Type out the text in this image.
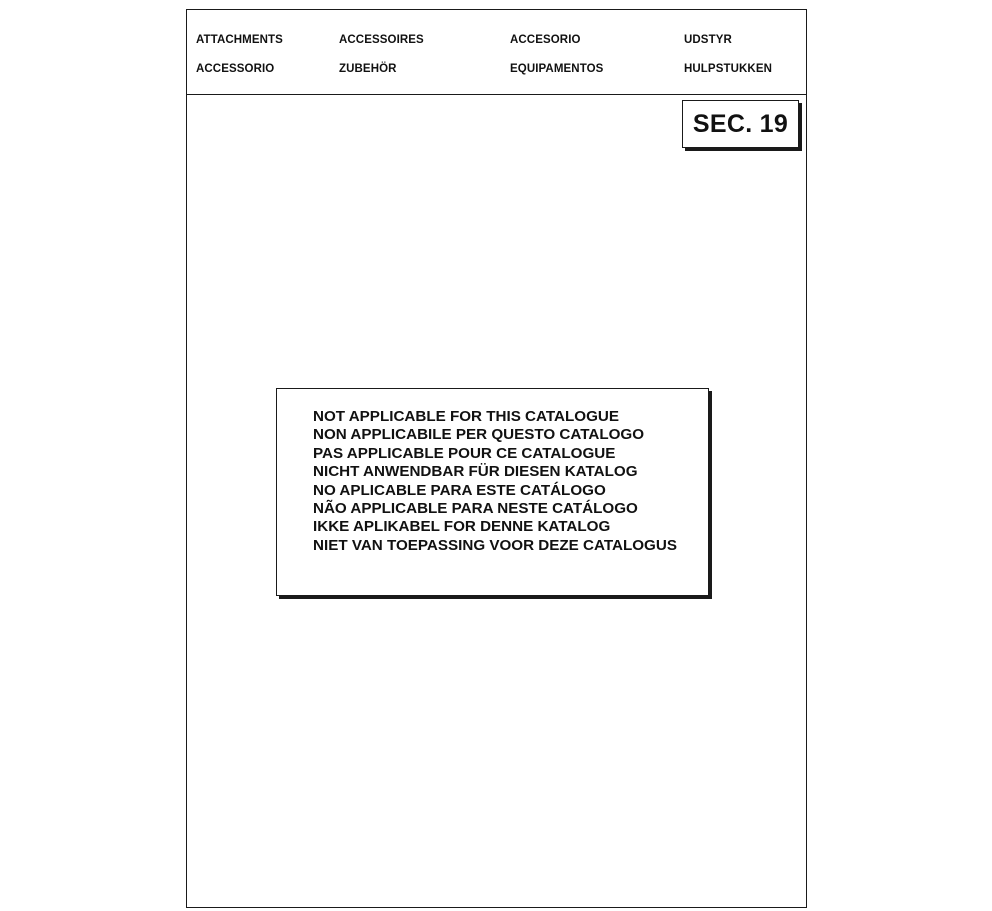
ATTACHMENTS	ACCESSOIRES	ACCESORIO	UDSTYR
ACCESSORIO	ZUBEHÖR	EQUIPAMENTOS	HULPSTUKKEN
SEC. 19
NOT APPLICABLE FOR THIS CATALOGUE
NON APPLICABILE PER QUESTO CATALOGO
PAS APPLICABLE POUR CE CATALOGUE
NICHT ANWENDBAR FÜR DIESEN KATALOG
NO APLICABLE PARA ESTE CATÁLOGO
NÃO APPLICABLE PARA NESTE CATÁLOGO
IKKE APLIKABEL FOR DENNE KATALOG
NIET VAN TOEPASSING VOOR DEZE CATALOGUS
